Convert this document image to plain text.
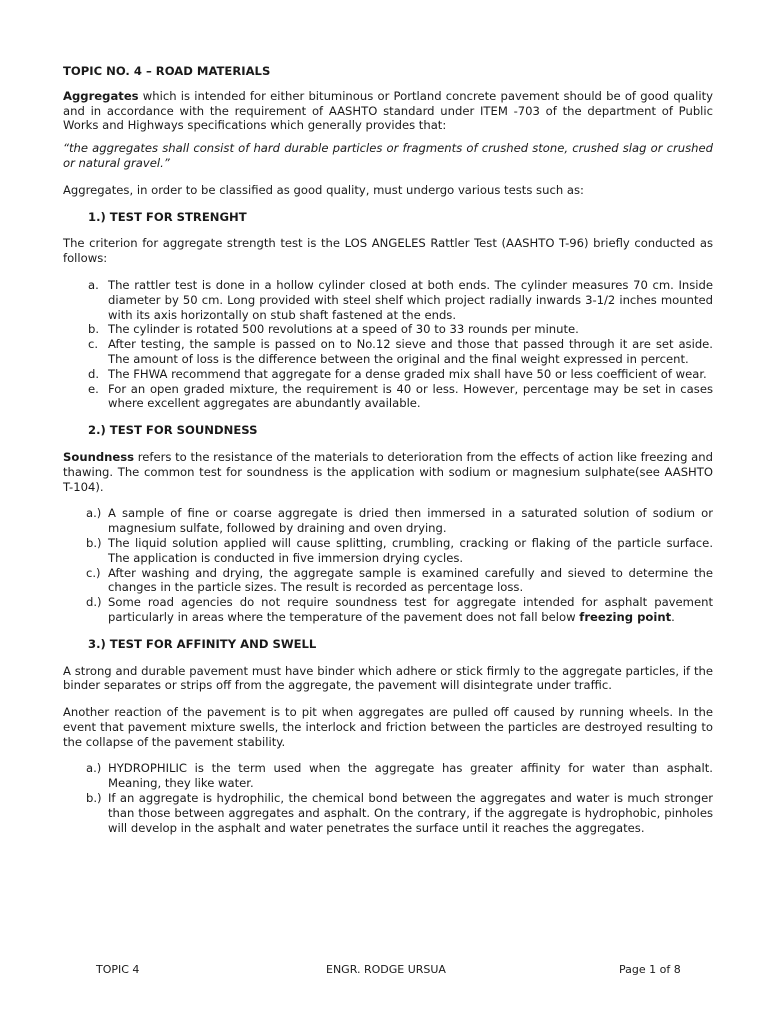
TOPIC NO. 4 – ROAD MATERIALS

Aggregates which is intended for either bituminous or Portland concrete pavement should be of good quality and in accordance with the requirement of AASHTO standard under ITEM -703 of the department of Public Works and Highways specifications which generally provides that:

“the aggregates shall consist of hard durable particles or fragments of crushed stone, crushed slag or crushed or natural gravel.”

Aggregates, in order to be classified as good quality, must undergo various tests such as:

1.) TEST FOR STRENGHT

The criterion for aggregate strength test is the LOS ANGELES Rattler Test (AASHTO T-96) briefly conducted as follows:

a. The rattler test is done in a hollow cylinder closed at both ends. The cylinder measures 70 cm. Inside diameter by 50 cm. Long provided with steel shelf which project radially inwards 3-1/2 inches mounted with its axis horizontally on stub shaft fastened at the ends.
b. The cylinder is rotated 500 revolutions at a speed of 30 to 33 rounds per minute.
c. After testing, the sample is passed on to No.12 sieve and those that passed through it are set aside. The amount of loss is the difference between the original and the final weight expressed in percent.
d. The FHWA recommend that aggregate for a dense graded mix shall have 50 or less coefficient of wear.
e. For an open graded mixture, the requirement is 40 or less. However, percentage may be set in cases where excellent aggregates are abundantly available.

2.) TEST FOR SOUNDNESS

Soundness refers to the resistance of the materials to deterioration from the effects of action like freezing and thawing. The common test for soundness is the application with sodium or magnesium sulphate(see AASHTO T-104).

a.) A sample of fine or coarse aggregate is dried then immersed in a saturated solution of sodium or magnesium sulfate, followed by draining and oven drying.
b.) The liquid solution applied will cause splitting, crumbling, cracking or flaking of the particle surface. The application is conducted in five immersion drying cycles.
c.) After washing and drying, the aggregate sample is examined carefully and sieved to determine the changes in the particle sizes. The result is recorded as percentage loss.
d.) Some road agencies do not require soundness test for aggregate intended for asphalt pavement particularly in areas where the temperature of the pavement does not fall below freezing point.

3.) TEST FOR AFFINITY AND SWELL

A strong and durable pavement must have binder which adhere or stick firmly to the aggregate particles, if the binder separates or strips off from the aggregate, the pavement will disintegrate under traffic.

Another reaction of the pavement is to pit when aggregates are pulled off caused by running wheels. In the event that pavement mixture swells, the interlock and friction between the particles are destroyed resulting to the collapse of the pavement stability.

a.) HYDROPHILIC is the term used when the aggregate has greater affinity for water than asphalt. Meaning, they like water.
b.) If an aggregate is hydrophilic, the chemical bond between the aggregates and water is much stronger than those between aggregates and asphalt. On the contrary, if the aggregate is hydrophobic, pinholes will develop in the asphalt and water penetrates the surface until it reaches the aggregates.
TOPIC 4	ENGR. RODGE URSUA	Page 1 of 8
